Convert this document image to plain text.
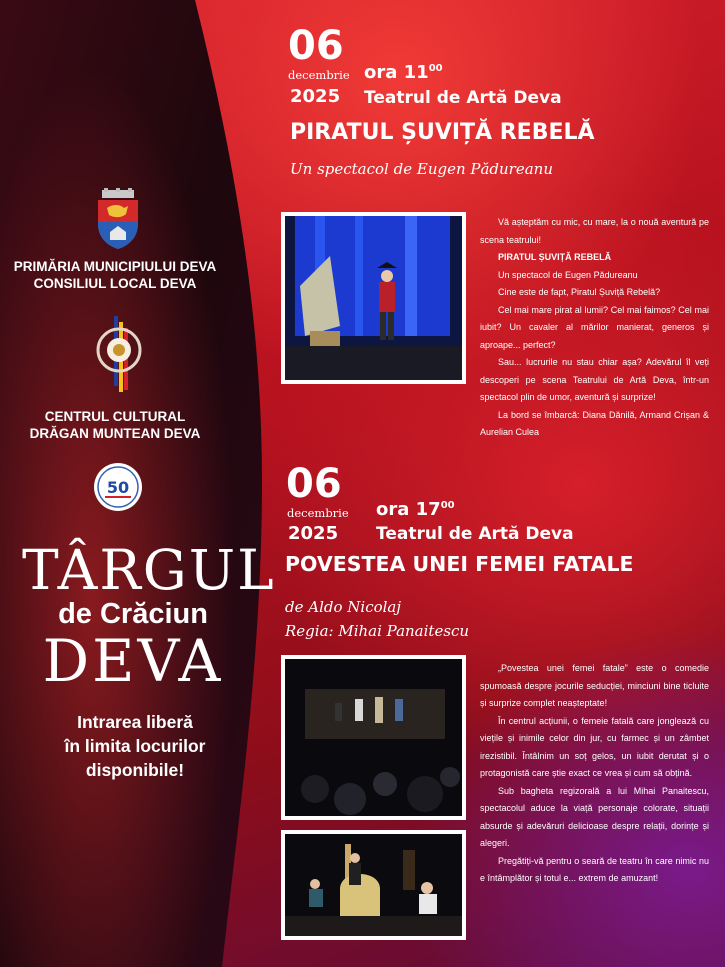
PRIMĂRIA MUNICIPIULUI DEVA
CONSILIUL LOCAL DEVA
CENTRUL CULTURAL
DRĂGAN MUNTEAN DEVA
50
TÂRGUL
de Crăciun
DEVA
Intrarea liberă
în limita locurilor
disponibile!
06
decembrie
2025
ora $11^{00}$
Teatrul de Artă Deva
PIRATUL ȘUVIȚĂ REBELĂ
Un spectacol de Eugen Pădureanu

Vă așteptăm cu mic, cu mare, la o nouă aventură pe scena teatrului!

PIRATUL ȘUVIȚĂ REBELĂ

Un spectacol de Eugen Pădureanu

Cine este de fapt, Piratul Șuviță Rebelă?

Cel mai mare pirat al lumii? Cel mai faimos? Cel mai iubit? Un cavaler al mărilor manierat, generos și aproape... perfect?

Sau... lucrurile nu stau chiar așa? Adevărul îl veți descoperi pe scena Teatrului de Artă Deva, într-un spectacol plin de umor, aventură și surprize!

La bord se îmbarcă: Diana Dănilă, Armand Crișan & Aurelian Culea

06
decembrie
2025
ora $17^{00}$
Teatrul de Artă Deva
POVESTEA UNEI FEMEI FATALE
de Aldo Nicolaj
Regia: Mihai Panaitescu

„Povestea unei femei fatale” este o comedie spumoasă despre jocurile seducției, minciuni bine ticluite și surprize complet neașteptate!

În centrul acțiunii, o femeie fatală care jonglează cu viețile și inimile celor din jur, cu farmec și un zâmbet irezistibil. Întâlnim un soț gelos, un iubit derutat și o protagonistă care știe exact ce vrea și cum să obțină.

Sub bagheta regizorală a lui Mihai Panaitescu, spectacolul aduce la viață personaje colorate, situații absurde și adevăruri delicioase despre relații, dorințe și alegeri.

Pregătiți-vă pentru o seară de teatru în care nimic nu e întâmplător și totul e... extrem de amuzant!
